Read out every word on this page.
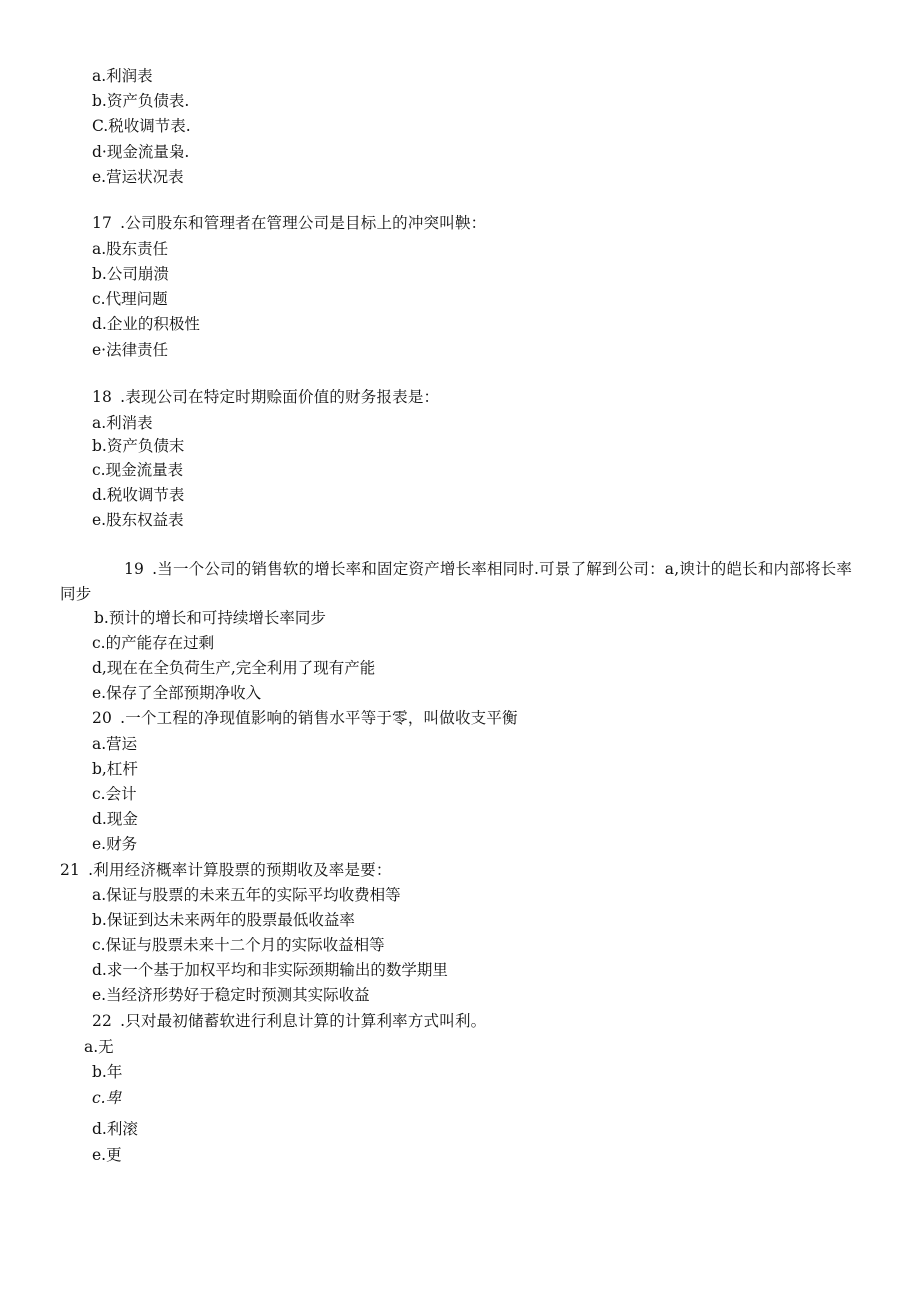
a.利润表
b.资产负债表.
C.税收调节表.
d·现金流量枭.
e.营运状况表
17 .公司股东和管理者在管理公司是目标上的冲突叫鞅：
a.股东责任
b.公司崩溃
c.代理问题
d.企业的积极性
e·法律责任
18 .表现公司在特定时期赊面价值的财务报表是：
a.利消表
b.资产负债末
c.现金流量表
d.税收调节表
e.股东权益表
19 .当一个公司的销售软的增长率和固定资产增长率相同时.可景了解到公司：a,谀计的皑长和内部将长率同步
b.预计的增长和可持续增长率同步
c.的产能存在过剩
d,现在在全负荷生产,完全利用了现有产能
e.保存了全部预期净收入
20 .一个工程的净现值影响的销售水平等于零，叫做收支平衡
a.营运
b,杠杆
c.会计
d.现金
e.财务
21 .利用经济概率计算股票的预期收及率是要：
a.保证与股票的未来五年的实际平均收费相等
b.保证到达未来两年的股票最低收益率
c.保证与股票未来十二个月的实际收益相等
d.求一个基于加权平均和非实际颈期输出的数学期里
e.当经济形势好于稳定时预测其实际收益
22 .只对最初储蓄软进行利息计算的计算利率方式叫利。
a.无
b.年
c.卑
d.利滚
e.更
